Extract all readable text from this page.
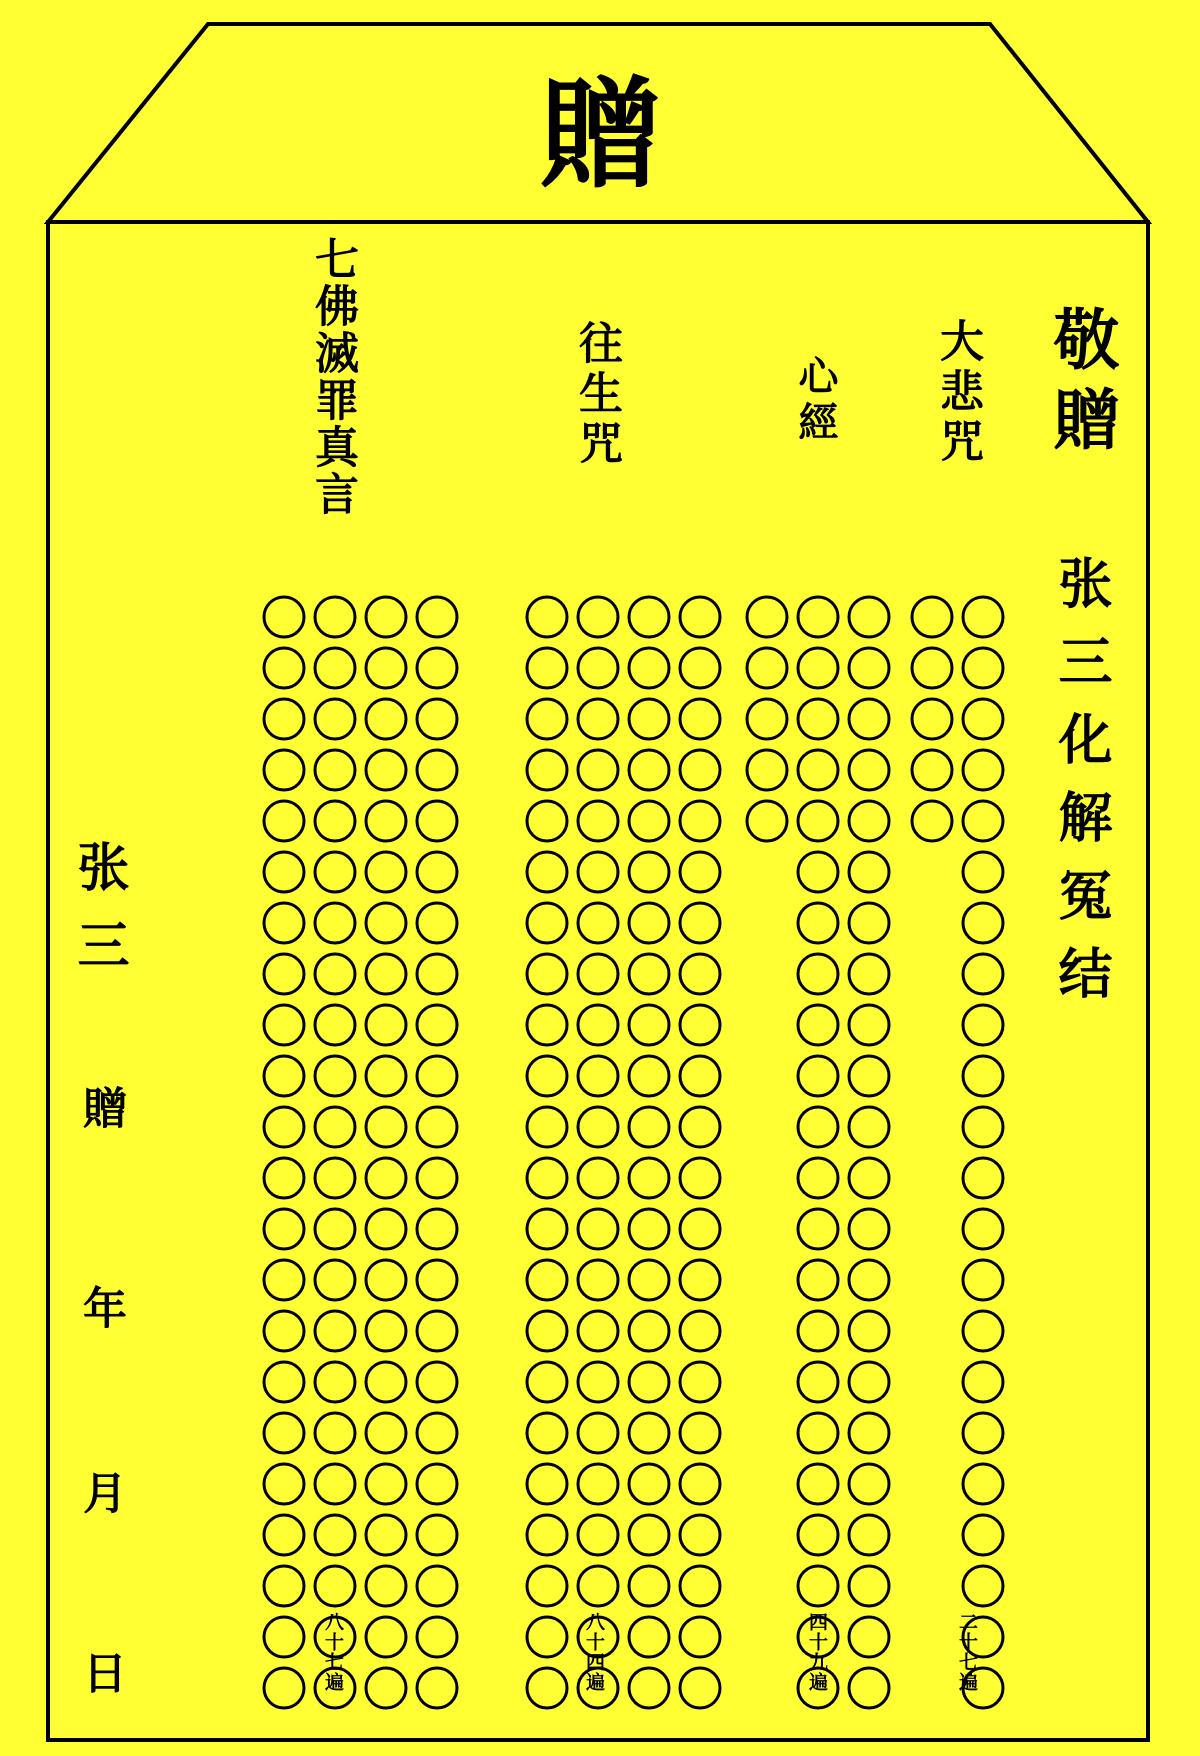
贈
七佛滅罪真言	往生咒	心經 大悲咒 敬贈
张三化解冤结
张三
贈
年
月
日	八十七遍	八十四遍	四十九遍	二十七遍
